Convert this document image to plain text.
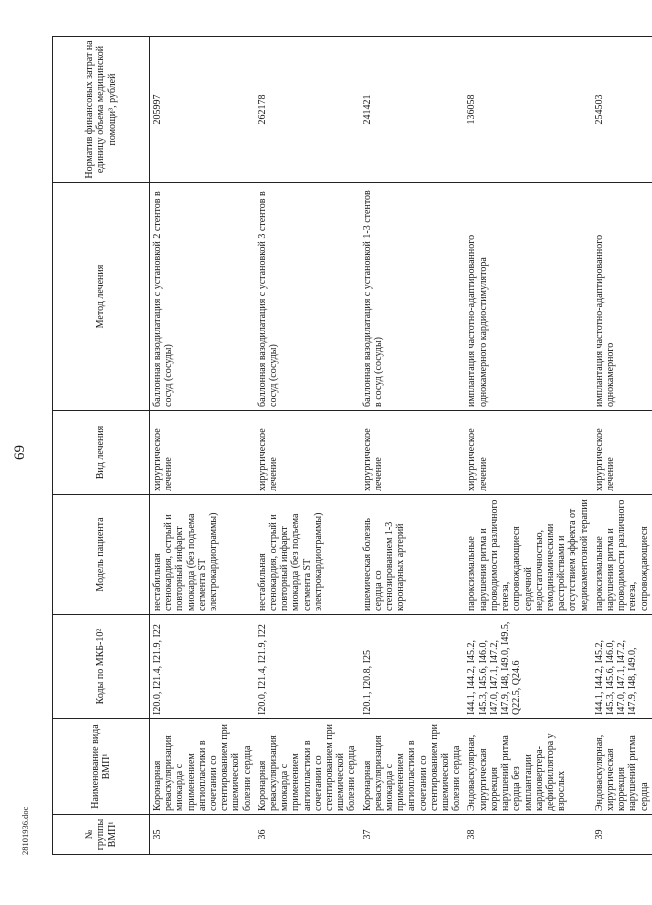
69
28101936.doc	№ группы ВМП¹	Наименование вида ВМП¹	Коды по МКБ-10²	Модель пациента	Вид лечения	Метод лечения	Норматив финансовых затрат на единицу объема медицинской помощи³, рублей
35	Коронарная реваскуляризация миокарда с применением ангиопластики в сочетании со стентированием при ишемической болезни сердца	I20.0, I21.4, I21.9, I22	нестабильная стенокардия, острый и повторный инфаркт миокарда (без подъема сегмента ST электрокардиограммы)	хирургическое лечение	баллонная вазодилатация с установкой 2 стентов в сосуд (сосуды)	205997
36	Коронарная реваскуляризация миокарда с применением ангиопластики в сочетании со стентированием при ишемической болезни сердца	I20.0, I21.4, I21.9, I22	нестабильная стенокардия, острый и повторный инфаркт миокарда (без подъема сегмента ST электрокардиограммы)	хирургическое лечение	баллонная вазодилатация с установкой 3 стентов в сосуд (сосуды)	262178
37	Коронарная реваскуляризация миокарда с применением ангиопластики в сочетании со стентированием при ишемической болезни сердца	I20.1, I20.8, I25	ишемическая болезнь сердца со стенозированием 1-3 коронарных артерий	хирургическое лечение	баллонная вазодилатация с установкой 1-3 стентов в сосуд (сосуды)	241421
38	Эндоваскулярная, хирургическая коррекция нарушений ритма сердца без имплантации кардиовертера-дефибриллятора у взрослых	I44.1, I44.2, I45.2, I45.3, I45.6, I46.0, I47.0, I47.1, I47.2, I47.9, I48, I49.0, I49.5, Q22.5, Q24.6	пароксизмальные нарушения ритма и проводимости различного генеза, сопровождающиеся сердечной недостаточностью, гемодинамическими расстройствами и отсутствием эффекта от медикаментозной терапии	хирургическое лечение	имплантация частотно-адаптированного однокамерного кардиостимулятора	136058
39	Эндоваскулярная, хирургическая коррекция нарушений ритма сердца	I44.1, I44.2, I45.2, I45.3, I45.6, I46.0, I47.0, I47.1, I47.2, I47.9, I48, I49.0,	пароксизмальные нарушения ритма и проводимости различного генеза, сопровождающиеся	хирургическое лечение	имплантация частотно-адаптированного однокамерного	254503
